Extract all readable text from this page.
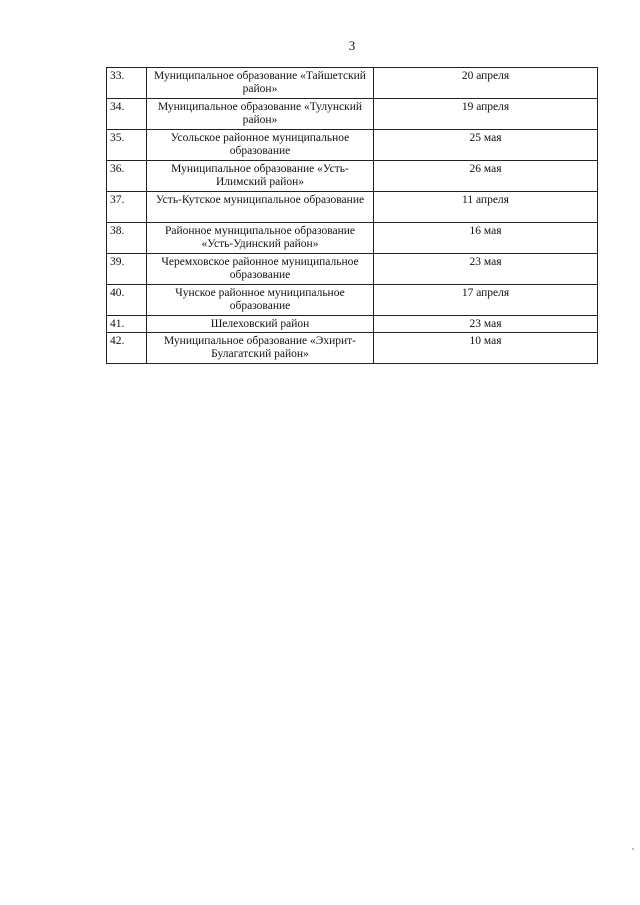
3
33.	Муниципальное образование «Тайшетский район»	20 апреля
34.	Муниципальное образование «Тулунский район»	19 апреля
35.	Усольское районное муниципальное образование	25 мая
36.	Муниципальное образование «Усть-Илимский район»	26 мая
37.	Усть-Кутское муниципальное образование	11 апреля
38.	Районное муниципальное образование «Усть-Удинский район»	16 мая
39.	Черемховское районное муниципальное образование	23 мая
40.	Чунское районное муниципальное образование	17 апреля
41.	Шелеховский район	23 мая
42.	Муниципальное образование «Эхирит-Булагатский район»	10 мая
